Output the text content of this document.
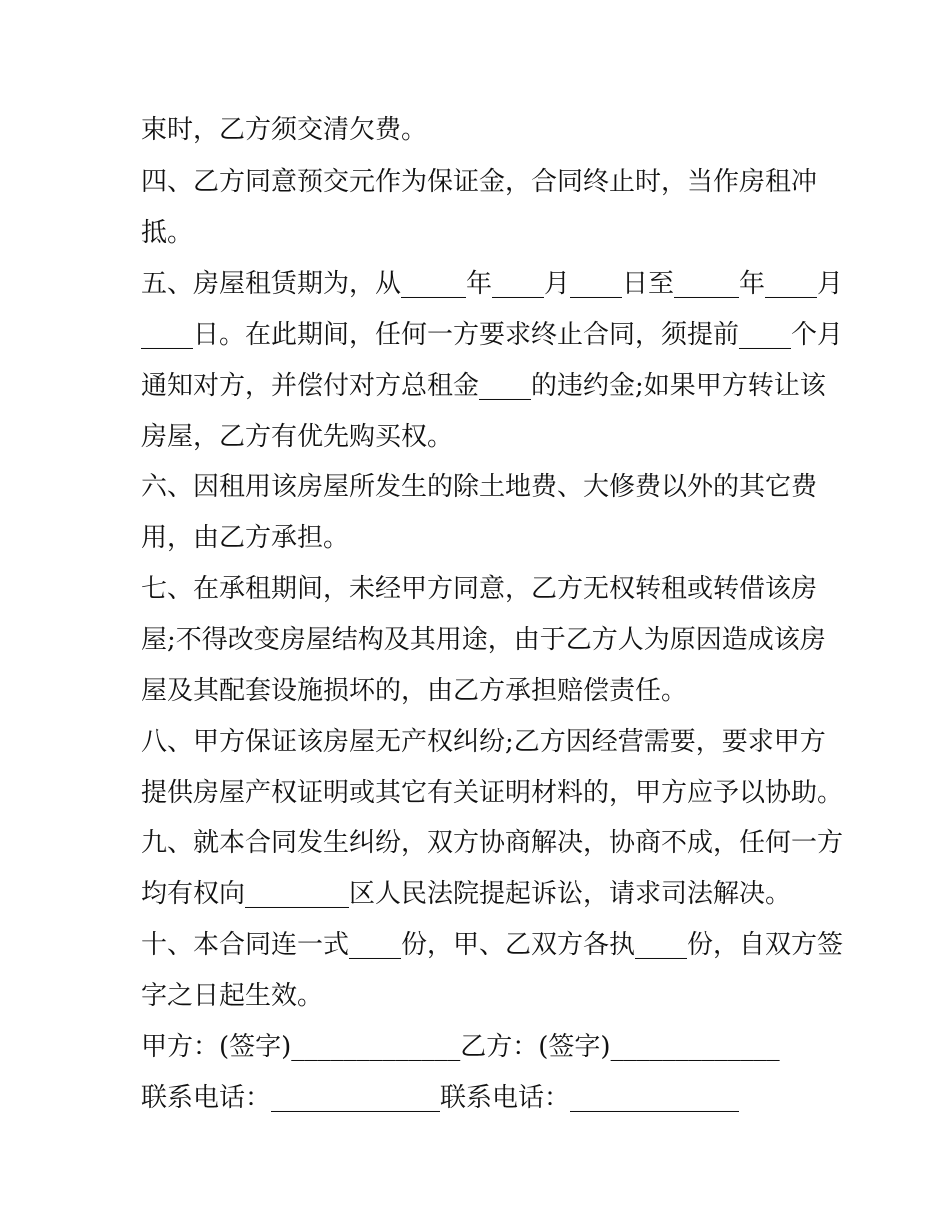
束时，乙方须交清欠费。

四、乙方同意预交元作为保证金，合同终止时，当作房租冲

抵。

五、房屋租赁期为，从_____年____月____日至_____年____月

____日。在此期间，任何一方要求终止合同，须提前____个月

通知对方，并偿付对方总租金____的违约金;如果甲方转让该

房屋，乙方有优先购买权。

六、因租用该房屋所发生的除土地费、大修费以外的其它费

用，由乙方承担。

七、在承租期间，未经甲方同意，乙方无权转租或转借该房

屋;不得改变房屋结构及其用途，由于乙方人为原因造成该房

屋及其配套设施损坏的，由乙方承担赔偿责任。

八、甲方保证该房屋无产权纠纷;乙方因经营需要，要求甲方

提供房屋产权证明或其它有关证明材料的，甲方应予以协助。

九、就本合同发生纠纷，双方协商解决，协商不成，任何一方

均有权向________区人民法院提起诉讼，请求司法解决。

十、本合同连一式____份，甲、乙双方各执____份，自双方签

字之日起生效。

甲方：(签字)_____________乙方：(签字)_____________

联系电话：_____________联系电话：_____________
